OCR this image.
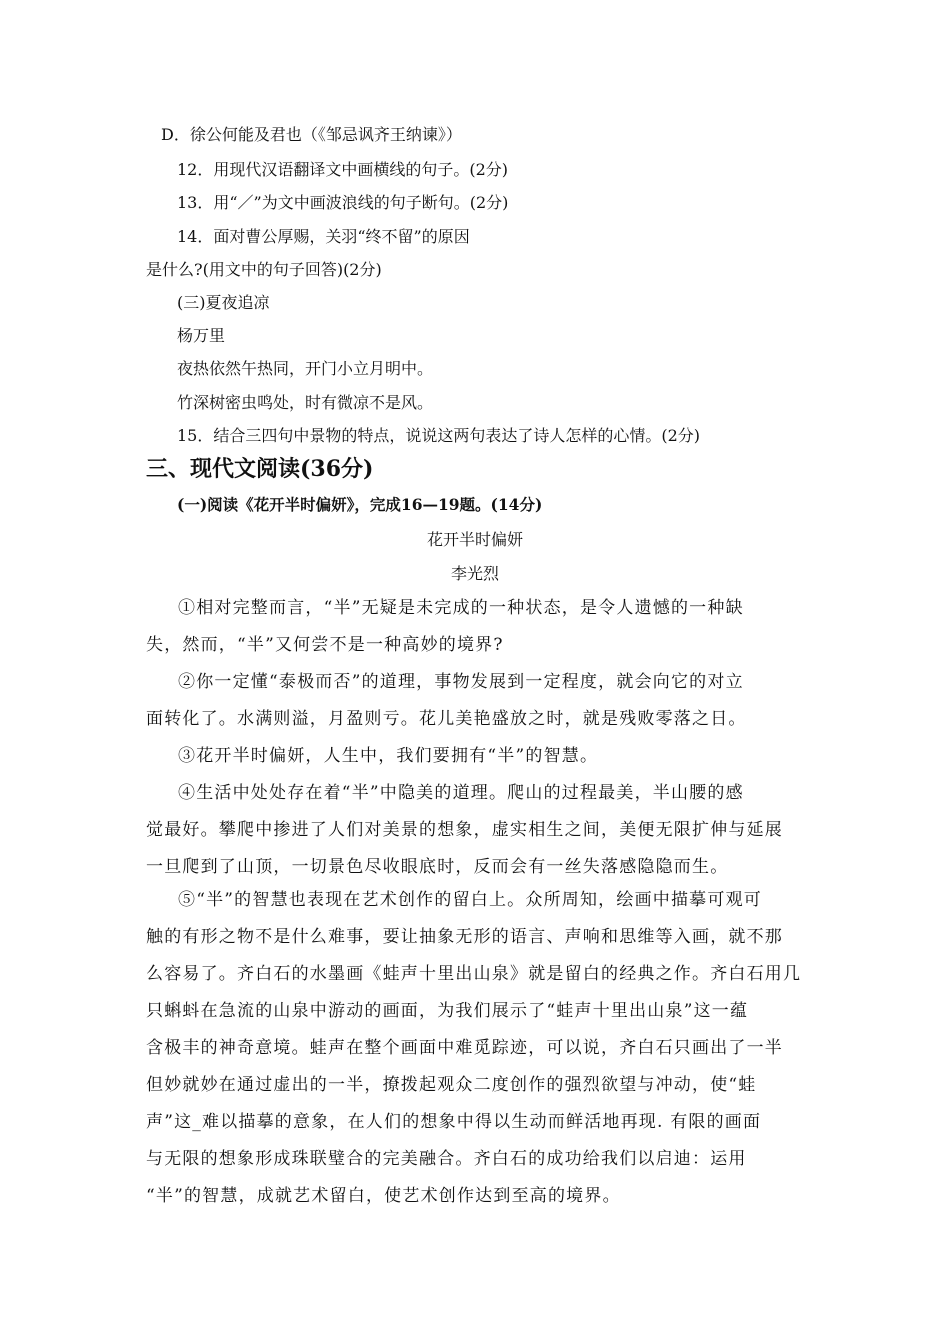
D．徐公何能及君也（《邹忌讽齐王纳谏》）
12．用现代汉语翻译文中画横线的句子。(2分)
13．用“／”为文中画波浪线的句子断句。(2分)
14．面对曹公厚赐，关羽“终不留”的原因
是什么?(用文中的句子回答)(2分)
(三)夏夜追凉
杨万里
夜热依然午热同，开门小立月明中。
竹深树密虫鸣处，时有微凉不是风。
15．结合三四句中景物的特点，说说这两句表达了诗人怎样的心情。(2分)
三、现代文阅读(36分)
(一)阅读《花开半时偏妍》，完成16—19题。(14分)
花开半时偏妍
李光烈
①相对完整而言，“半”无疑是未完成的一种状态，是令人遗憾的一种缺
失，然而，“半”又何尝不是一种高妙的境界?
②你一定懂“泰极而否”的道理，事物发展到一定程度，就会向它的对立
面转化了。水满则溢，月盈则亏。花儿美艳盛放之时，就是残败零落之日。
③花开半时偏妍，人生中，我们要拥有“半”的智慧。
④生活中处处存在着“半”中隐美的道理。爬山的过程最美，半山腰的感
觉最好。攀爬中掺进了人们对美景的想象，虚实相生之间，美便无限扩伸与延展
一旦爬到了山顶，一切景色尽收眼底时，反而会有一丝失落感隐隐而生。
⑤“半”的智慧也表现在艺术创作的留白上。众所周知，绘画中描摹可观可
触的有形之物不是什么难事，要让抽象无形的语言、声响和思维等入画，就不那
么容易了。齐白石的水墨画《蛙声十里出山泉》就是留白的经典之作。齐白石用几
只蝌蚪在急流的山泉中游动的画面，为我们展示了“蛙声十里出山泉”这一蕴
含极丰的神奇意境。蛙声在整个画面中难觅踪迹，可以说，齐白石只画出了一半
但妙就妙在通过虚出的一半，撩拨起观众二度创作的强烈欲望与冲动，使“蛙
声”这_难以描摹的意象，在人们的想象中得以生动而鲜活地再现. 有限的画面
与无限的想象形成珠联璧合的完美融合。齐白石的成功给我们以启迪：运用
“半”的智慧，成就艺术留白，使艺术创作达到至高的境界。
